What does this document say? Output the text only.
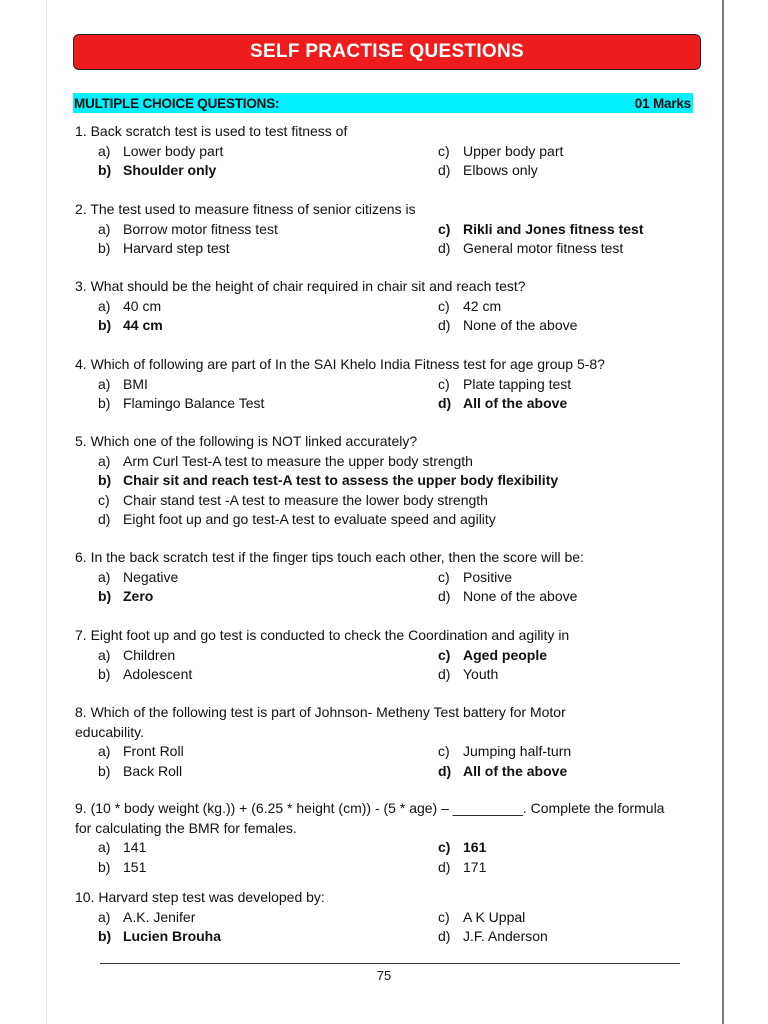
SELF PRACTISE QUESTIONS
MULTIPLE CHOICE QUESTIONS:	01 Marks
1. Back scratch test is used to test fitness of
a) Lower body part	c) Upper body part
b) Shoulder only	d) Elbows only
2. The test used to measure fitness of senior citizens is
a) Borrow motor fitness test	c) Rikli and Jones fitness test
b) Harvard step test	d) General motor fitness test
3. What should be the height of chair required in chair sit and reach test?
a) 40 cm	c) 42 cm
b) 44 cm	d) None of the above
4. Which of following are part of In the SAI Khelo India Fitness test for age group 5-8?
a) BMI	c) Plate tapping test
b) Flamingo Balance Test	d) All of the above
5. Which one of the following is NOT linked accurately?
a) Arm Curl Test-A test to measure the upper body strength
b) Chair sit and reach test-A test to assess the upper body flexibility
c) Chair stand test -A test to measure the lower body strength
d) Eight foot up and go test-A test to evaluate speed and agility
6. In the back scratch test if the finger tips touch each other, then the score will be:
a) Negative	c) Positive
b) Zero	d) None of the above
7. Eight foot up and go test is conducted to check the Coordination and agility in
a) Children	c) Aged people
b) Adolescent	d) Youth
8. Which of the following test is part of Johnson- Metheny Test battery for Motor educability.
a) Front Roll	c) Jumping half-turn
b) Back Roll	d) All of the above
9. (10 * body weight (kg.)) + (6.25 * height (cm)) - (5 * age) – _________. Complete the formula for calculating the BMR for females.
a) 141	c) 161
b) 151	d) 171
10. Harvard step test was developed by:
a) A.K. Jenifer	c) A K Uppal
b) Lucien Brouha	d) J.F. Anderson
75
